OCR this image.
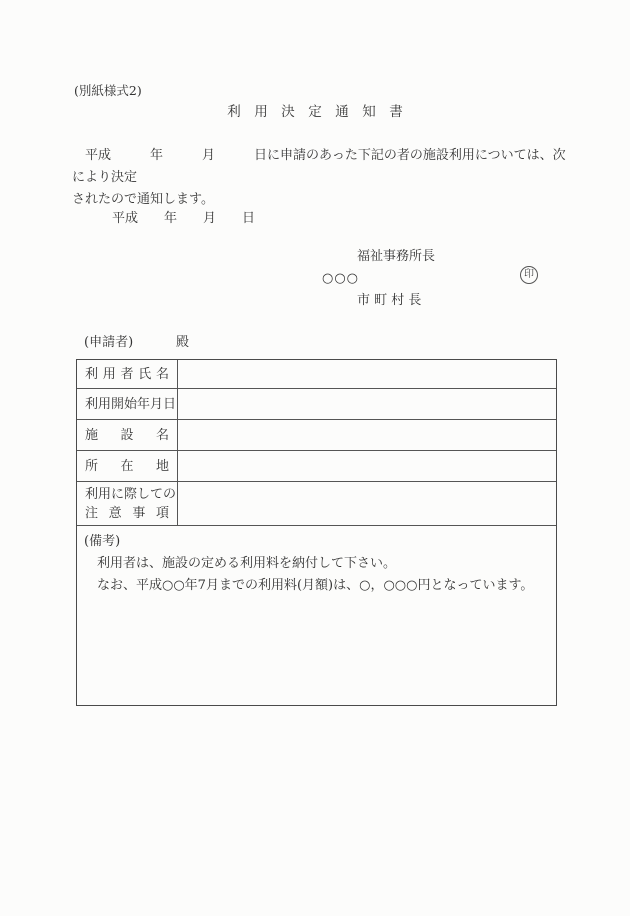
(別紙様式2)
利　用　決　定　通　知　書
　平成　　　年　　　月　　　日に申請のあった下記の者の施設利用については、次により決定
されたので通知します。
平成　　年　　月　　日
福祉事務所長
○○○	印
市 町 村 長
(申請者)	殿
利用者氏名
利用開始年月日
施設名
所在地
利用に際しての
注意事項
(備考)
利用者は、施設の定める利用料を納付して下さい。
なお、平成○○年7月までの利用料(月額)は、○，○○○円となっています。
